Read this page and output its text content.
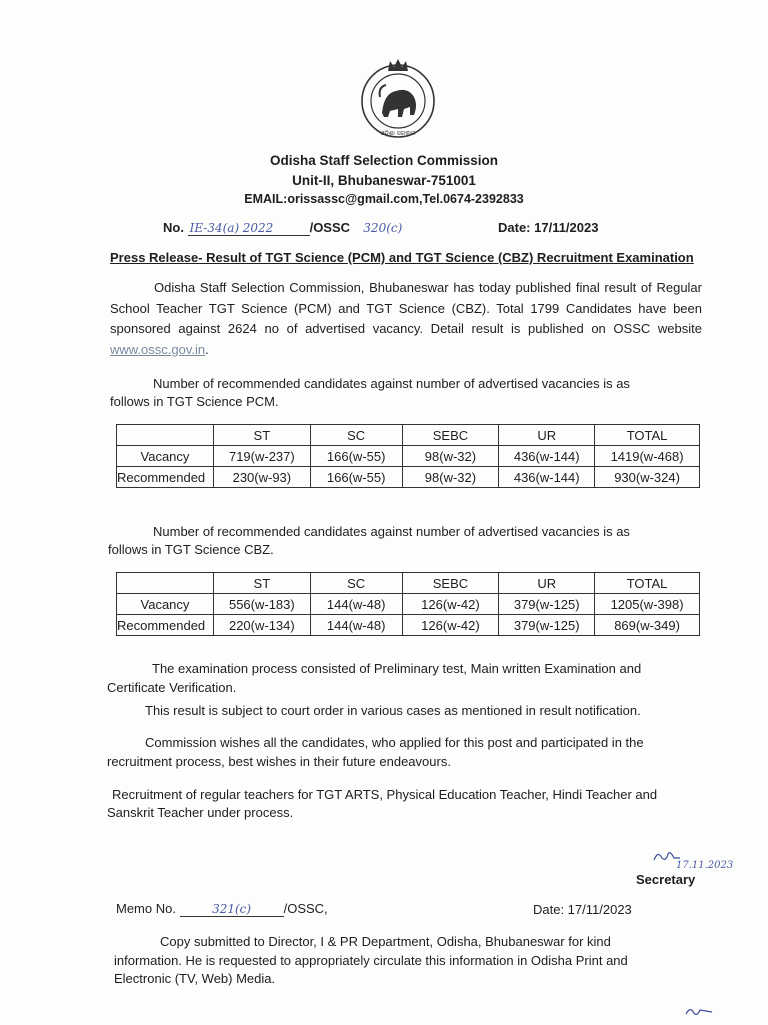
ଓଡ଼ିଶା ସରକାର
Odisha Staff Selection Commission
Unit-II, Bhubaneswar-751001
EMAIL:orissassc@gmail.com,Tel.0674-2392833
No. IE-34(a) 2022	/OSSC 320(c)	Date: 17/11/2023
Press Release- Result of TGT Science (PCM) and TGT Science (CBZ) Recruitment Examination
Odisha Staff Selection Commission, Bhubaneswar has today published final result of Regular School Teacher TGT Science (PCM) and TGT Science (CBZ). Total 1799 Candidates have been sponsored against 2624 no of advertised vacancy. Detail result is published on OSSC website www.ossc.gov.in.
Number of recommended candidates against number of advertised vacancies is as
follows in TGT Science PCM.
	ST	SC	SEBC	UR	TOTAL
Vacancy	719(w-237)	166(w-55)	98(w-32)	436(w-144)	1419(w-468)
Recommended	230(w-93)	166(w-55)	98(w-32)	436(w-144)	930(w-324)
Number of recommended candidates against number of advertised vacancies is as
follows in TGT Science CBZ.
	ST	SC	SEBC	UR	TOTAL
Vacancy	556(w-183)	144(w-48)	126(w-42)	379(w-125)	1205(w-398)
Recommended	220(w-134)	144(w-48)	126(w-42)	379(w-125)	869(w-349)
The examination process consisted of Preliminary test, Main written Examination and
Certificate Verification.
This result is subject to court order in various cases as mentioned in result notification.
Commission wishes all the candidates, who applied for this post and participated in the
recruitment process, best wishes in their future endeavours.
Recruitment of regular teachers for TGT ARTS, Physical Education Teacher, Hindi Teacher and
Sanskrit Teacher under process.
17.11.2023
Secretary
Memo No.	321(c)	/OSSC,	Date: 17/11/2023
Copy submitted to Director, I & PR Department, Odisha, Bhubaneswar for kind
information. He is requested to appropriately circulate this information in Odisha Print and
Electronic (TV, Web) Media.
